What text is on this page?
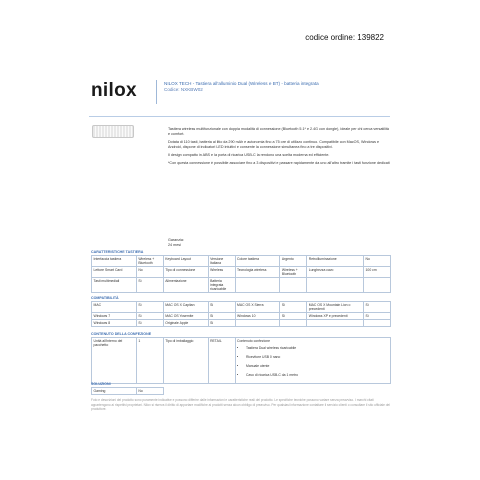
codice ordine: 139822
nilox	NILOX TECH - Tastiera all'alluminio Dual (Wireless e BT) - batteria integrata
Codice: NXKBW02

Tastiera wireless multifunzionale con doppia modalità di connessione (Bluetooth 5.1* e 2.4G con dongle), ideale per chi cerca versatilità e comfort.

Dotata di 110 tasti, batteria al litio da 290 mAh e autonomia fino a 75 ore di utilizzo continuo. Compatibile con MacOS, Windows e Android, dispone di indicatori LED intuitivi e consente la connessione simultanea fino a tre dispositivi.

Il design compatto in ABS e la porta di ricarica USB-C la rendono una scelta moderna ed efficiente.

*Con questa connessione è possibile associare fino a 3 dispositivi e passare rapidamente da uno all'altro tramite i tasti funzione dedicati

Garanzia:
24 mesi
CARATTERISTICHE TASTIERA
Interfaccia tastiera	Wireless + Bluetooth	Keyboard Layout	Versione Italiana	Colore tastiera	Argento	Retroilluminazione	No
Lettore Smart Card	No	Tipo di connessione	Wireless	Tecnologia wireless	Wireless + Bluetooth	Lunghezza cavo	100 cm
Tasti multimediali	Sì	Alimentazione	Batteria integrata ricaricabile				
COMPATIBILITÀ
MAC	Sì	MAC OS X Capitan	Sì	MAC OS X Sierra	Sì	MAC OS X Mountain Lion o precedenti	Sì
Windows 7	Sì	MAC OS Yosemite	Sì	Windows 10	Sì	Windows XP e precedenti	Sì
Windows 8	Sì	Originale Apple	Sì				
CONTENUTO DELLA CONFEZIONE
Unità all'interno del pacchetto	1	Tipo di imballaggio	RETAIL	Contenuto confezione
• Tastiera Dual wireless ricaricabile
• Ricevitore USB 0 nano
• Manuale utente
• Cavo di ricarica USB-C da 1 metro
SOLUZIONI
Gaming	No	
Foto e descrizioni del prodotto sono puramente indicative e possono differire dalle informazioni e caratteristiche reali del prodotto. Le specifiche tecniche possono variare senza preavviso. I marchi citati appartengono ai rispettivi proprietari. Nilox si riserva il diritto di apportare modifiche ai prodotti senza alcun obbligo di preavviso. Per qualsiasi informazione contattare il servizio clienti o consultare il sito ufficiale del produttore.
